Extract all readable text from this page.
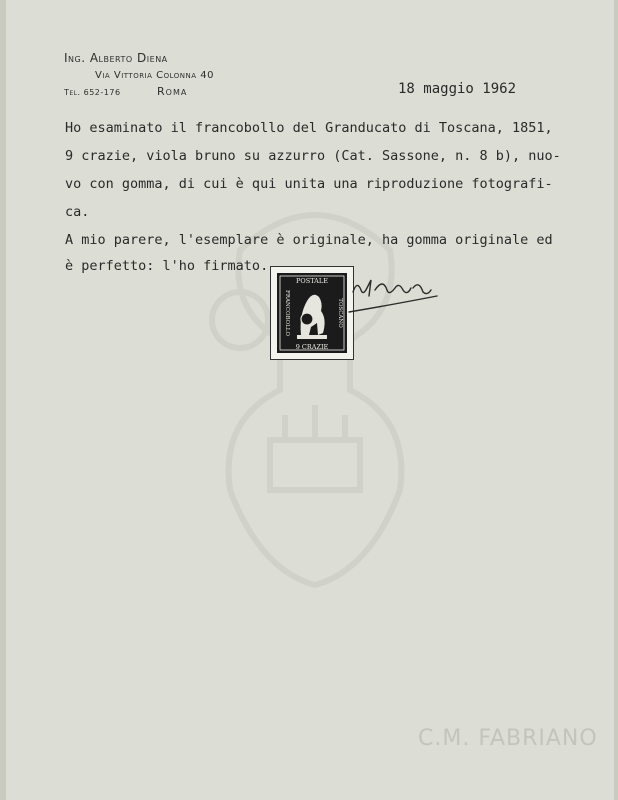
C.M. FABRIANO
Ing. Alberto Diena
Via Vittoria Colonna 40
Tel. 652-176	Roma	18 maggio 1962
Ho esaminato il francobollo del Granducato di Toscana, 1851,
9 crazie, viola bruno su azzurro (Cat. Sassone, n. 8 b), nuo-
vo con gomma, di cui è qui unita una riproduzione fotografi-
ca.
A mio parere, l'esemplare è originale, ha gomma originale ed
è perfetto: l'ho firmato.
POSTALE
9 CRAZIE
FRANCOBOLLO	TOSCANO
